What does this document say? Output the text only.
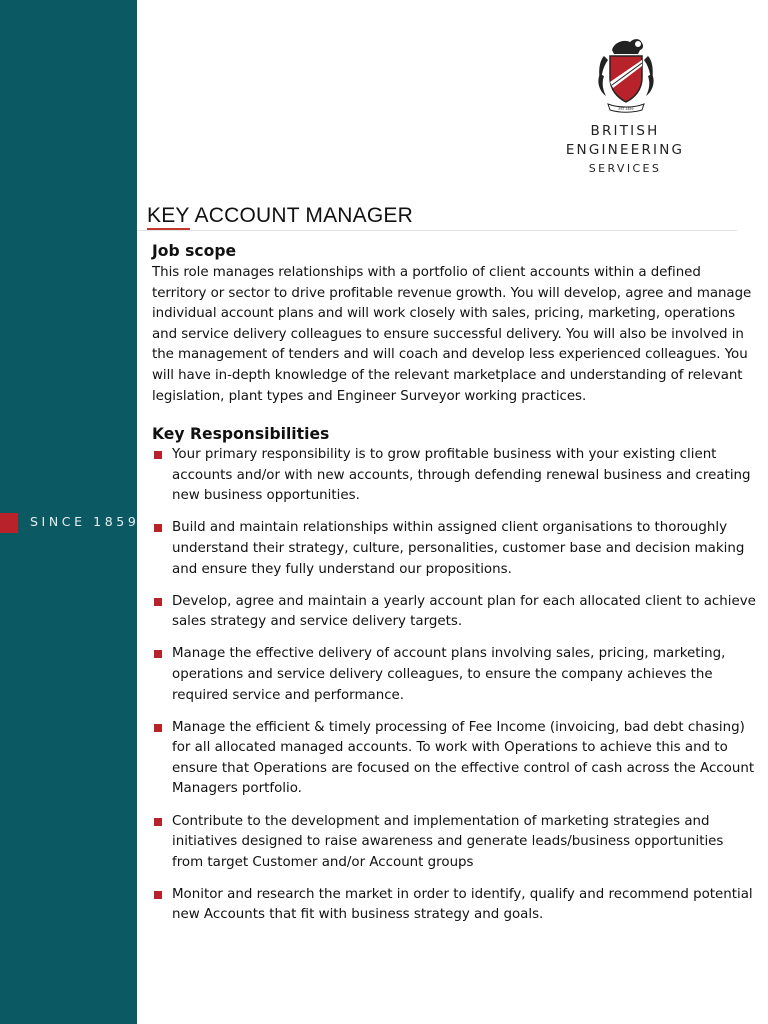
SINCE 1859
EST 1859
BRITISH
ENGINEERING
SERVICES
KEY ACCOUNT MANAGER
Job scope

This role manages relationships with a portfolio of client accounts within a defined territory or sector to drive profitable revenue growth. You will develop, agree and manage individual account plans and will work closely with sales, pricing, marketing, operations and service delivery colleagues to ensure successful delivery. You will also be involved in the management of tenders and will coach and develop less experienced colleagues. You will have in-depth knowledge of the relevant marketplace and understanding of relevant legislation, plant types and Engineer Surveyor working practices.

Key Responsibilities
Your primary responsibility is to grow profitable business with your existing client accounts and/or with new accounts, through defending renewal business and creating new business opportunities.
Build and maintain relationships within assigned client organisations to thoroughly understand their strategy, culture, personalities, customer base and decision making and ensure they fully understand our propositions.
Develop, agree and maintain a yearly account plan for each allocated client to achieve sales strategy and service delivery targets.
Manage the effective delivery of account plans involving sales, pricing, marketing, operations and service delivery colleagues, to ensure the company achieves the required service and performance.
Manage the efficient & timely processing of Fee Income (invoicing, bad debt chasing) for all allocated managed accounts. To work with Operations to achieve this and to ensure that Operations are focused on the effective control of cash across the Account Managers portfolio.
Contribute to the development and implementation of marketing strategies and initiatives designed to raise awareness and generate leads/business opportunities from target Customer and/or Account groups
Monitor and research the market in order to identify, qualify and recommend potential new Accounts that fit with business strategy and goals.
